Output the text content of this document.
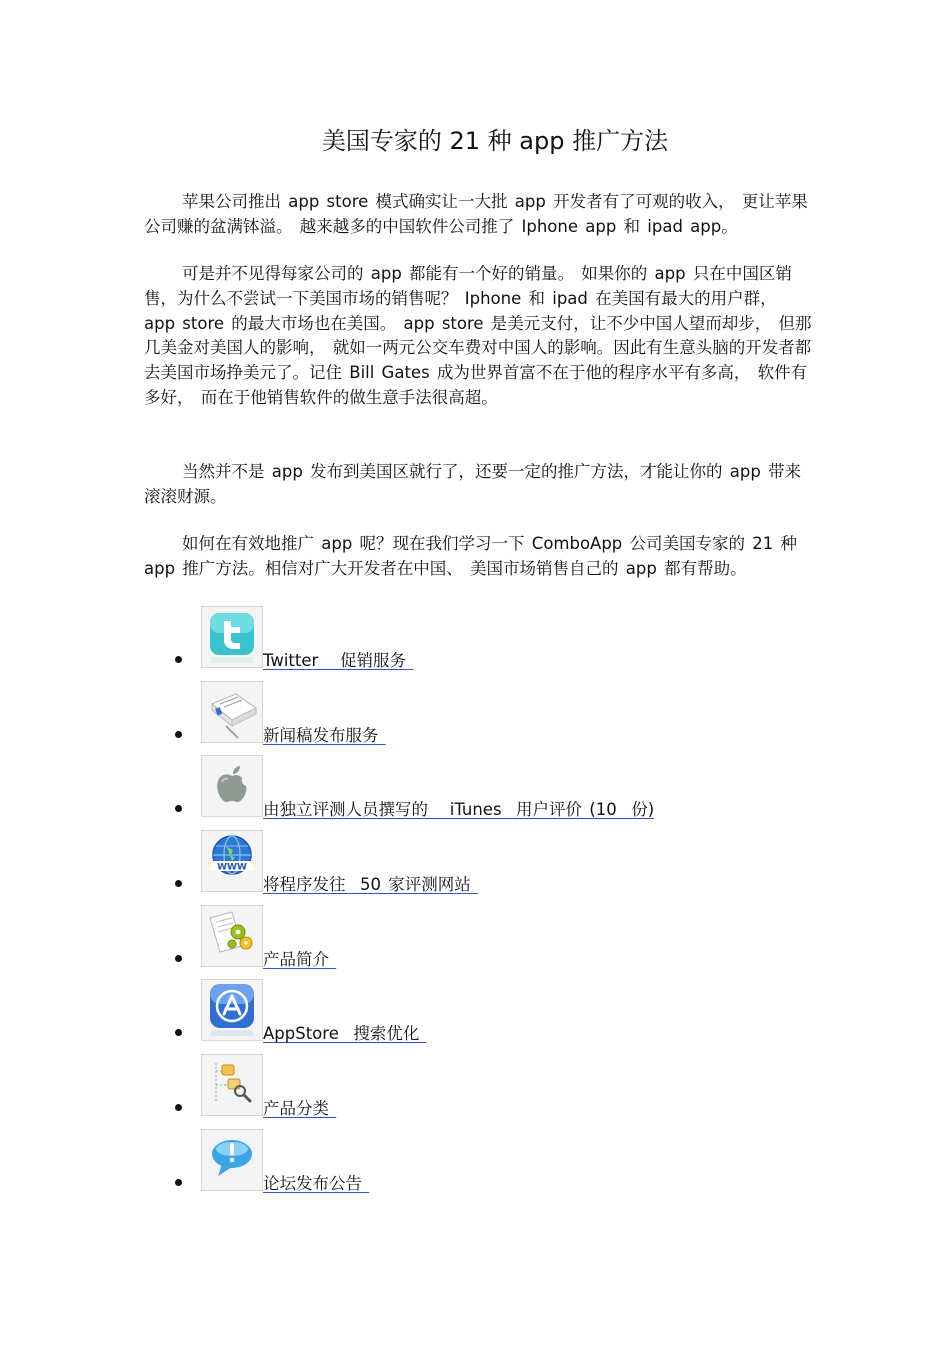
美国专家的 21 种 app 推广方法

苹果公司推出 app store 模式确实让一大批 app 开发者有了可观的收入， 更让苹果公司赚的盆满钵溢。 越来越多的中国软件公司推了 Iphone app 和 ipad app。

可是并不见得每家公司的 app 都能有一个好的销量。 如果你的 app 只在中国区销售，为什么不尝试一下美国市场的销售呢？ Iphone 和 ipad 在美国有最大的用户群， app store 的最大市场也在美国。 app store 是美元支付，让不少中国人望而却步， 但那几美金对美国人的影响， 就如一两元公交车费对中国人的影响。因此有生意头脑的开发者都去美国市场挣美元了。记住 Bill Gates 成为世界首富不在于他的程序水平有多高， 软件有多好， 而在于他销售软件的做生意手法很高超。

当然并不是 app 发布到美国区就行了，还要一定的推广方法，才能让你的 app 带来滚滚财源。

如何在有效地推广 app 呢？现在我们学习一下 ComboApp 公司美国专家的 21 种 app 推广方法。相信对广大开发者在中国、 美国市场销售自己的 app 都有帮助。

Twitter   促销服务
新闻稿发布服务
由独立评测人员撰写的   iTunes  用户评价 (10  份)
WWW
将程序发往  50 家评测网站
产品简介
AppStore  搜索优化
产品分类
论坛发布公告
